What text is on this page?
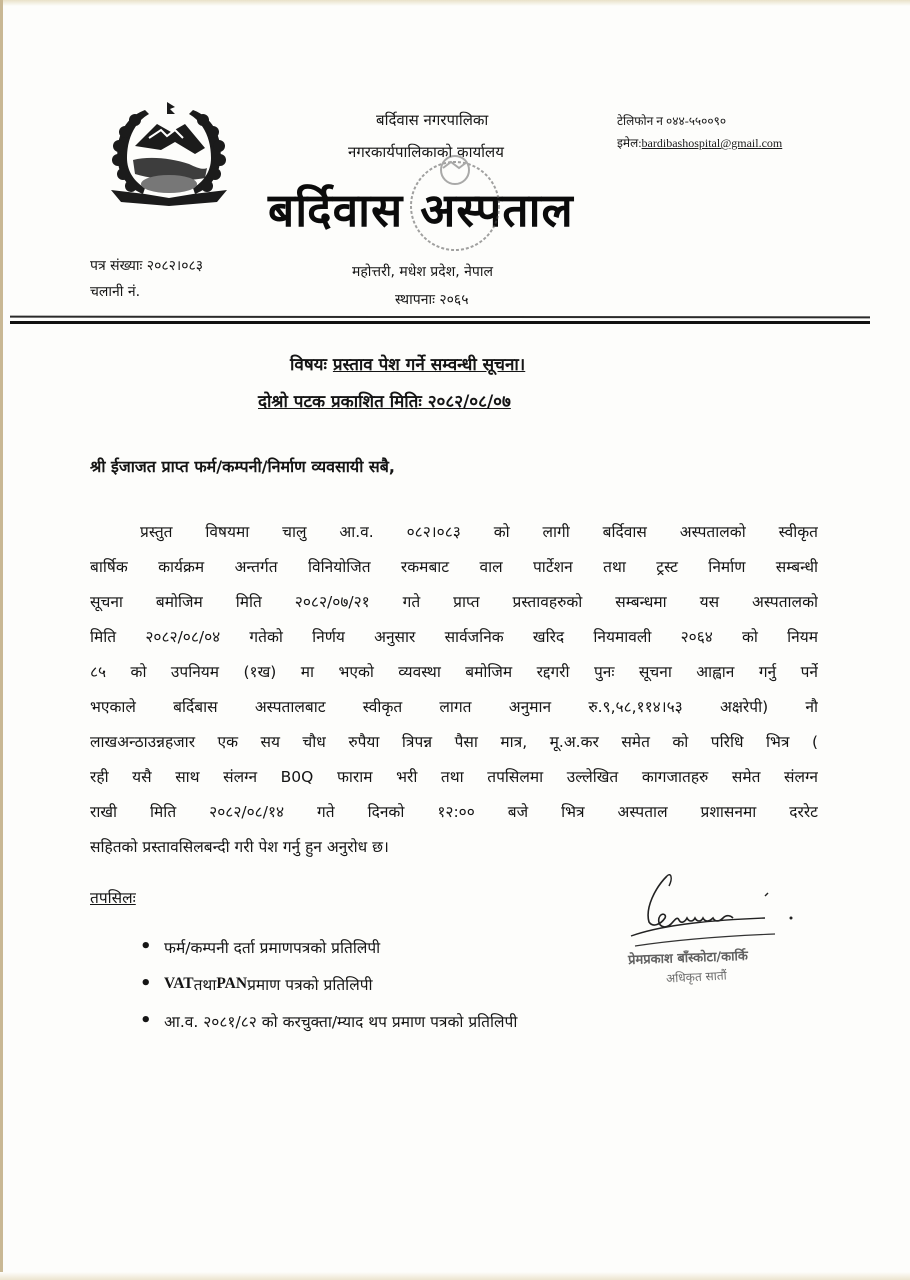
बर्दिवास नगरपालिका
नगरकार्यपालिकाको कार्यालय
बर्दिवास अस्पताल
महोत्तरी, मधेश प्रदेश, नेपाल
स्थापनाः २०६५
टेलिफोन न ०४४-५५००९०
इमेल:bardibashospital@gmail.com
पत्र संख्याः २०८२।०८३
चलानी नं.
विषयः प्रस्ताव पेश गर्ने सम्वन्धी सूचना।
दोश्रो पटक प्रकाशित मितिः २०८२/०८/०७
श्री ईजाजत प्राप्त फर्म/कम्पनी/निर्माण व्यवसायी सबै,
प्रस्तुत विषयमा चालु आ.व. ०८२।०८३ को लागी बर्दिवास अस्पतालको स्वीकृत
बार्षिक कार्यक्रम अन्तर्गत विनियोजित रकमबाट वाल पार्टेशन तथा ट्रस्ट निर्माण सम्बन्धी
सूचना बमोजिम मिति २०८२/०७/२१ गते प्राप्त प्रस्तावहरुको सम्बन्धमा यस अस्पतालको
मिति २०८२/०८/०४ गतेको निर्णय अनुसार सार्वजनिक खरिद नियमावली २०६४ को नियम
८५ को उपनियम (१ख) मा भएको व्यवस्था बमोजिम रद्दगरी पुनः सूचना आह्वान गर्नु पर्ने
भएकाले बर्दिबास अस्पतालबाट स्वीकृत लागत अनुमान रु.९,५८,११४।५३ अक्षरेपी) नौ
लाखअन्ठाउन्नहजार एक सय चौध रुपैया त्रिपन्न पैसा मात्र, मू.अ.कर समेत को परिधि भित्र (
रही यसै साथ संलग्न B0Q फाराम भरी तथा तपसिलमा उल्लेखित कागजातहरु समेत संलग्न
राखी मिति २०८२/०८/१४ गते दिनको १२:०० बजे भित्र अस्पताल प्रशासनमा दररेट
सहितको प्रस्तावसिलबन्दी गरी पेश गर्नु हुन अनुरोध छ।
तपसिलः
• फर्म/कम्पनी दर्ता प्रमाणपत्रको प्रतिलिपी
• VAT तथा PAN प्रमाण पत्रको प्रतिलिपी
• आ.व. २०८१/८२ को करचुक्ता/म्याद थप प्रमाण पत्रको प्रतिलिपी
प्रेमप्रकाश बाँस्कोटा/कार्कि
अधिकृत सातौं
